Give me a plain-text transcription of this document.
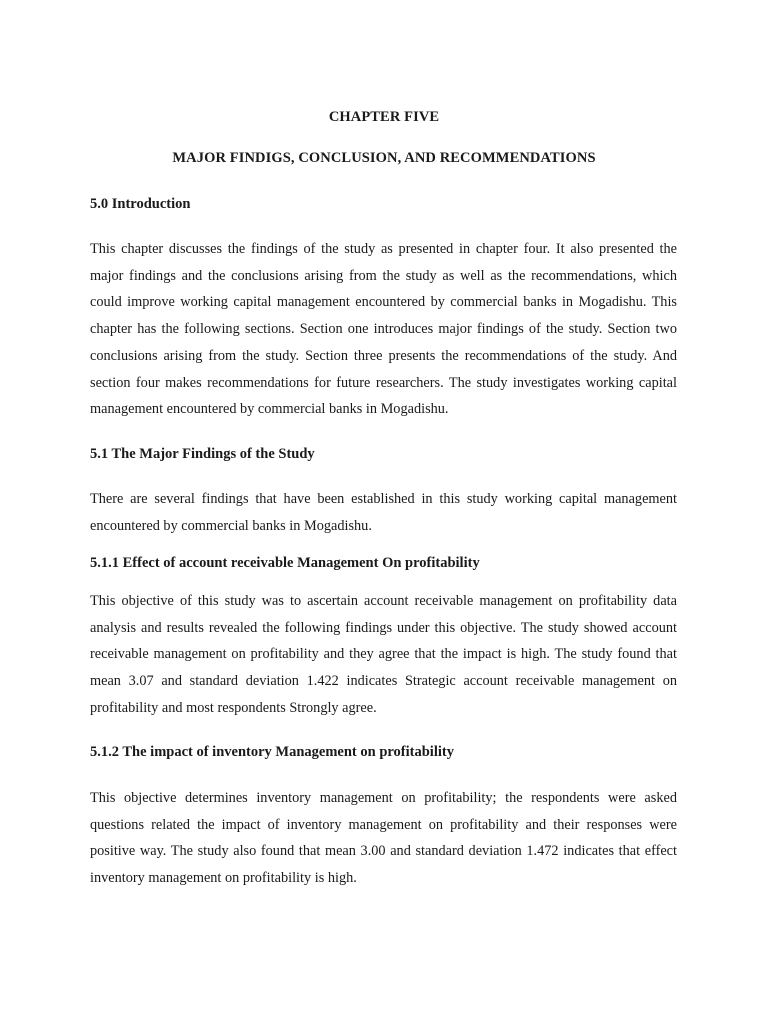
CHAPTER FIVE
MAJOR FINDIGS, CONCLUSION, AND RECOMMENDATIONS
5.0 Introduction

This chapter discusses the findings of the study as presented in chapter four. It also presented the major findings and the conclusions arising from the study as well as the recommendations, which could improve working capital management encountered by commercial banks in Mogadishu. This chapter has the following sections. Section one introduces major findings of the study. Section two conclusions arising from the study. Section three presents the recommendations of the study. And section four makes recommendations for future researchers. The study investigates working capital management encountered by commercial banks in Mogadishu.

5.1 The Major Findings of the Study

There are several findings that have been established in this study working capital management encountered by commercial banks in Mogadishu.

5.1.1 Effect of account receivable Management On profitability

This objective of this study was to ascertain account receivable management on profitability data analysis and results revealed the following findings under this objective. The study showed account receivable management on profitability and they agree that the impact is high. The study found that mean 3.07 and standard deviation 1.422 indicates Strategic account receivable management on profitability and most respondents Strongly agree.

5.1.2 The impact of inventory Management on profitability

This objective determines inventory management on profitability; the respondents were asked questions related the impact of inventory management on profitability and their responses were positive way. The study also found that mean 3.00 and standard deviation 1.472 indicates that effect inventory management on profitability is high.
